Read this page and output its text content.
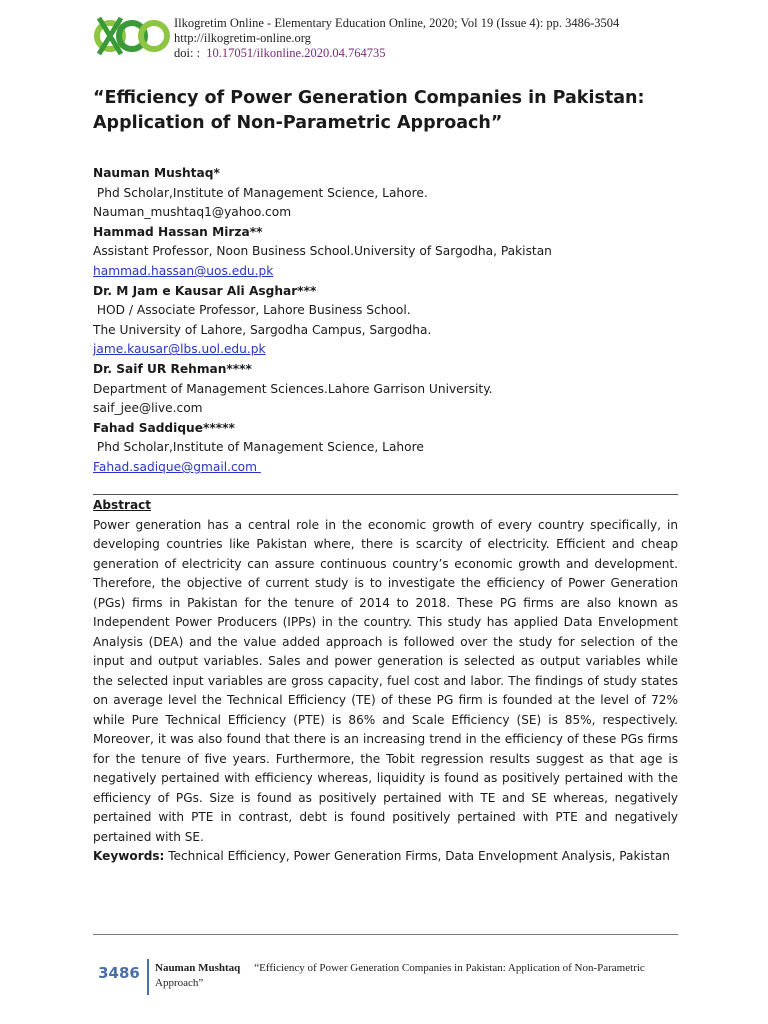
Ilkogretim Online - Elementary Education Online, 2020; Vol 19 (Issue 4): pp. 3486-3504
http://ilkogretim-online.org
doi: : 10.17051/ilkonline.2020.04.764735
“Efficiency of Power Generation Companies in Pakistan: Application of Non-Parametric Approach”
Nauman Mushtaq*
Phd Scholar,Institute of Management Science, Lahore.
Nauman_mushtaq1@yahoo.com
Hammad Hassan Mirza**
Assistant Professor, Noon Business School.University of Sargodha, Pakistan
hammad.hassan@uos.edu.pk
Dr. M Jam e Kausar Ali Asghar***
HOD / Associate Professor, Lahore Business School.
The University of Lahore, Sargodha Campus, Sargodha.
jame.kausar@lbs.uol.edu.pk
Dr. Saif UR Rehman****
Department of Management Sciences.Lahore Garrison University.
saif_jee@live.com
Fahad Saddique*****
Phd Scholar,Institute of Management Science, Lahore
Fahad.sadique@gmail.com
Abstract
Power generation has a central role in the economic growth of every country specifically, in developing countries like Pakistan where, there is scarcity of electricity. Efficient and cheap generation of electricity can assure continuous country’s economic growth and development. Therefore, the objective of current study is to investigate the efficiency of Power Generation (PGs) firms in Pakistan for the tenure of 2014 to 2018. These PG firms are also known as Independent Power Producers (IPPs) in the country. This study has applied Data Envelopment Analysis (DEA) and the value added approach is followed over the study for selection of the input and output variables. Sales and power generation is selected as output variables while the selected input variables are gross capacity, fuel cost and labor. The findings of study states on average level the Technical Efficiency (TE) of these PG firm is founded at the level of 72% while Pure Technical Efficiency (PTE) is 86% and Scale Efficiency (SE) is 85%, respectively. Moreover, it was also found that there is an increasing trend in the efficiency of these PGs firms for the tenure of five years. Furthermore, the Tobit regression results suggest as that age is negatively pertained with efficiency whereas, liquidity is found as positively pertained with the efficiency of PGs. Size is found as positively pertained with TE and SE whereas, negatively pertained with PTE in contrast, debt is found positively pertained with PTE and negatively pertained with SE.
Keywords: Technical Efficiency, Power Generation Firms, Data Envelopment Analysis, Pakistan
3486	Nauman Mushtaq “Efficiency of Power Generation Companies in Pakistan: Application of Non-Parametric Approach”
